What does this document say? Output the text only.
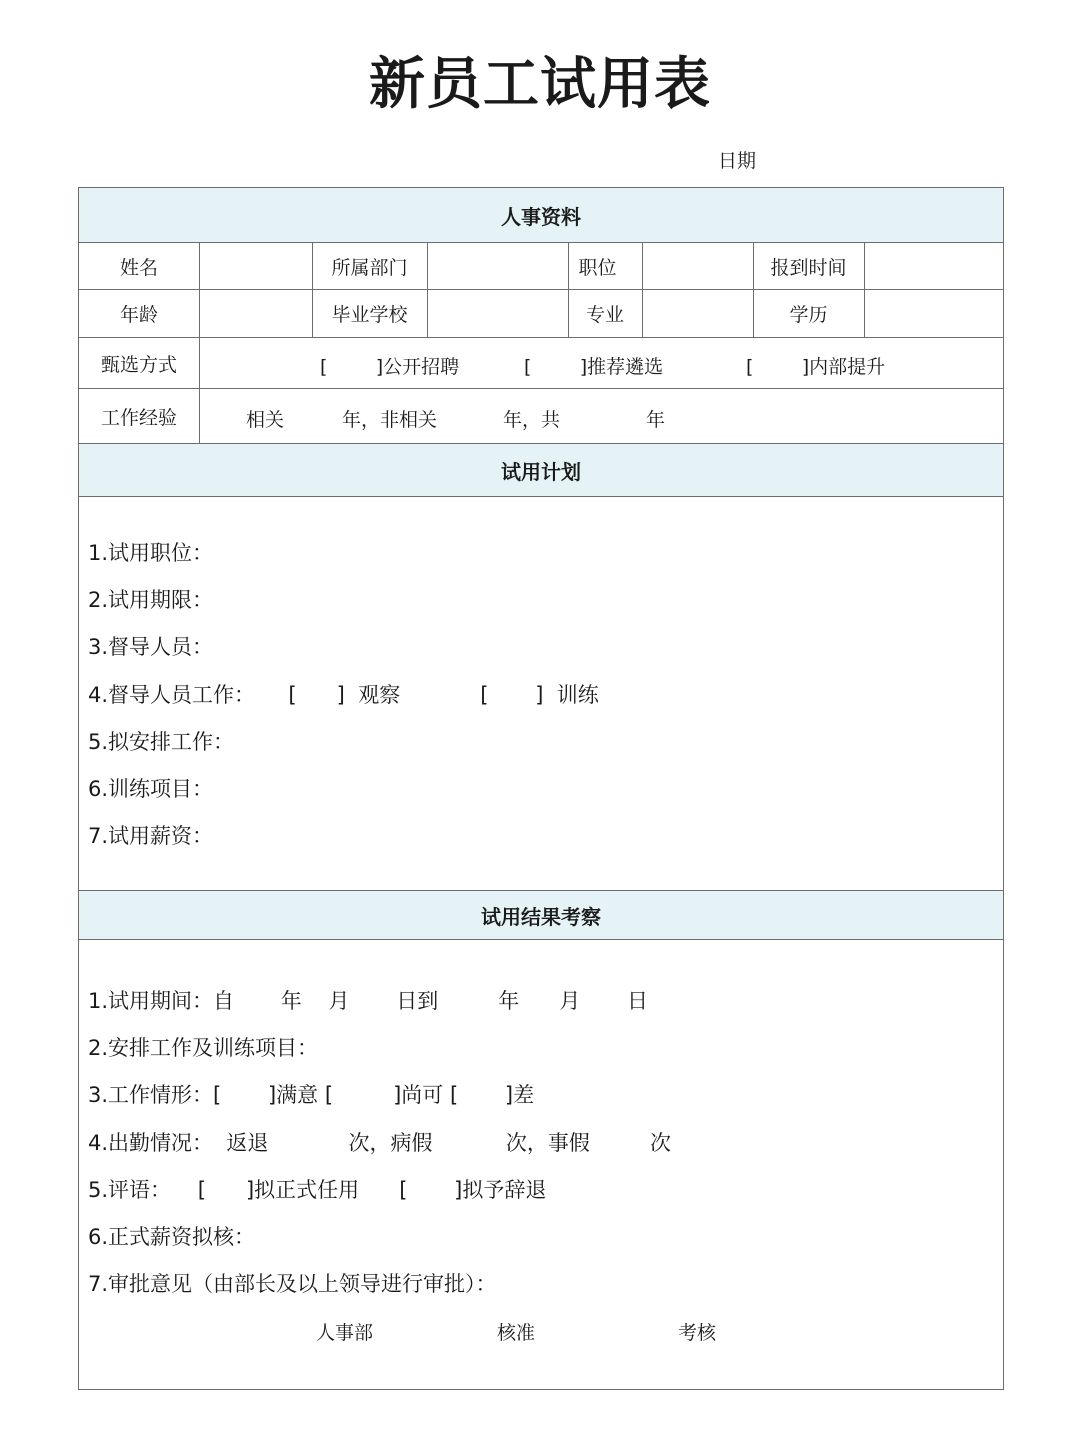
新员工试用表
日期
人事资料
姓名	所属部门	职位	报到时间
年龄	毕业学校	专业	学历
甄选方式	[        ]公开招聘	[        ]推荐遴选	[        ]内部提升
工作经验	相关	年，非相关	年，共	年
试用计划
1.试用职位：
2.试用期限：
3.督导人员：
4.督导人员工作：     [      ]  观察            [       ]  训练
5.拟安排工作：
6.训练项目：
7.试用薪资：
试用结果考察
1.试用期间：自       年    月       日到         年      月       日
2.安排工作及训练项目：
3.工作情形：[       ]满意 [         ]尚可 [       ]差
4.出勤情况：  返退            次，病假           次，事假         次
5.评语：    [      ]拟正式任用      [       ]拟予辞退
6.正式薪资拟核：
7.审批意见（由部长及以上领导进行审批）：
人事部	核准	考核
